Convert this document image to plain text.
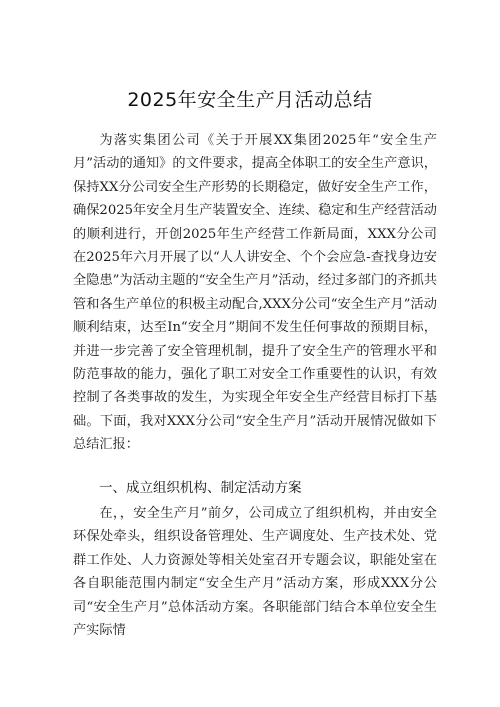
2025年安全生产月活动总结

为落实集团公司《关于开展XX集团2025年“安全生产月”活动的通知》的文件要求，提高全体职工的安全生产意识，保持XX分公司安全生产形势的长期稳定，做好安全生产工作，确保2025年安全月生产装置安全、连续、稳定和生产经营活动的顺利进行，开创2025年生产经营工作新局面，XXX分公司在2025年六月开展了以“人人讲安全、个个会应急-查找身边安全隐患”为活动主题的“安全生产月”活动，经过多部门的齐抓共管和各生产单位的积极主动配合,XXX分公司“安全生产月”活动顺利结束，达至In“安全月”期间不发生任何事故的预期目标，并进一步完善了安全管理机制，提升了安全生产的管理水平和防范事故的能力，强化了职工对安全工作重要性的认识，有效控制了各类事故的发生，为实现全年安全生产经营目标打下基础。下面，我对XXX分公司“安全生产月”活动开展情况做如下总结汇报：

一、成立组织机构、制定活动方案

在，，安全生产月”前夕，公司成立了组织机构，并由安全环保处牵头，组织设备管理处、生产调度处、生产技术处、党群工作处、人力资源处等相关处室召开专题会议，职能处室在各自职能范围内制定“安全生产月”活动方案，形成XXX分公司“安全生产月”总体活动方案。各职能部门结合本单位安全生产实际情
